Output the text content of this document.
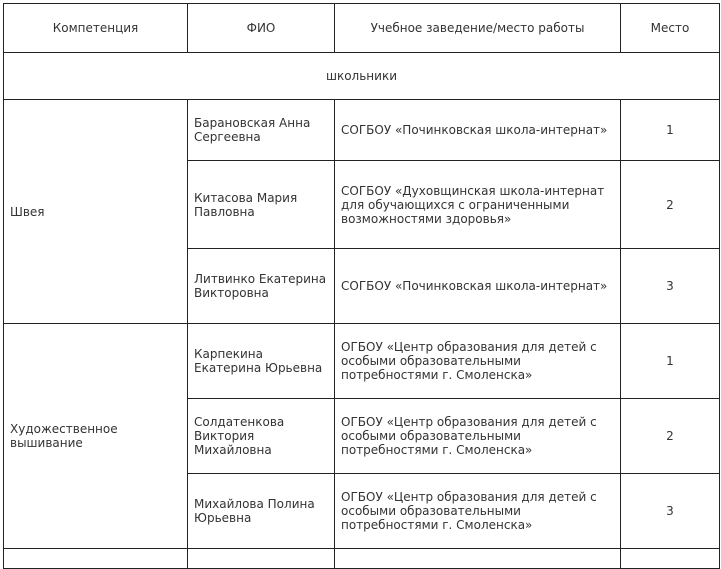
Компетенция	ФИО	Учебное заведение/место работы	Место
школьники			
Швея	Барановская Анна Сергеевна	СОГБОУ «Починковская школа-интернат»	1
	Китасова Мария Павловна	СОГБОУ «Духовщинская школа-интернат для обучающихся с ограниченными возможностями здоровья»	2
	Литвинко Екатерина Викторовна	СОГБОУ «Починковская школа-интернат»	3
Художественное вышивание	Карпекина Екатерина Юрьевна	ОГБОУ «Центр образования для детей с особыми образовательными потребностями г. Смоленска»	1
	Солдатенкова Виктория Михайловна	ОГБОУ «Центр образования для детей с особыми образовательными потребностями г. Смоленска»	2
	Михайлова Полина Юрьевна	ОГБОУ «Центр образования для детей с особыми образовательными потребностями г. Смоленска»	3
